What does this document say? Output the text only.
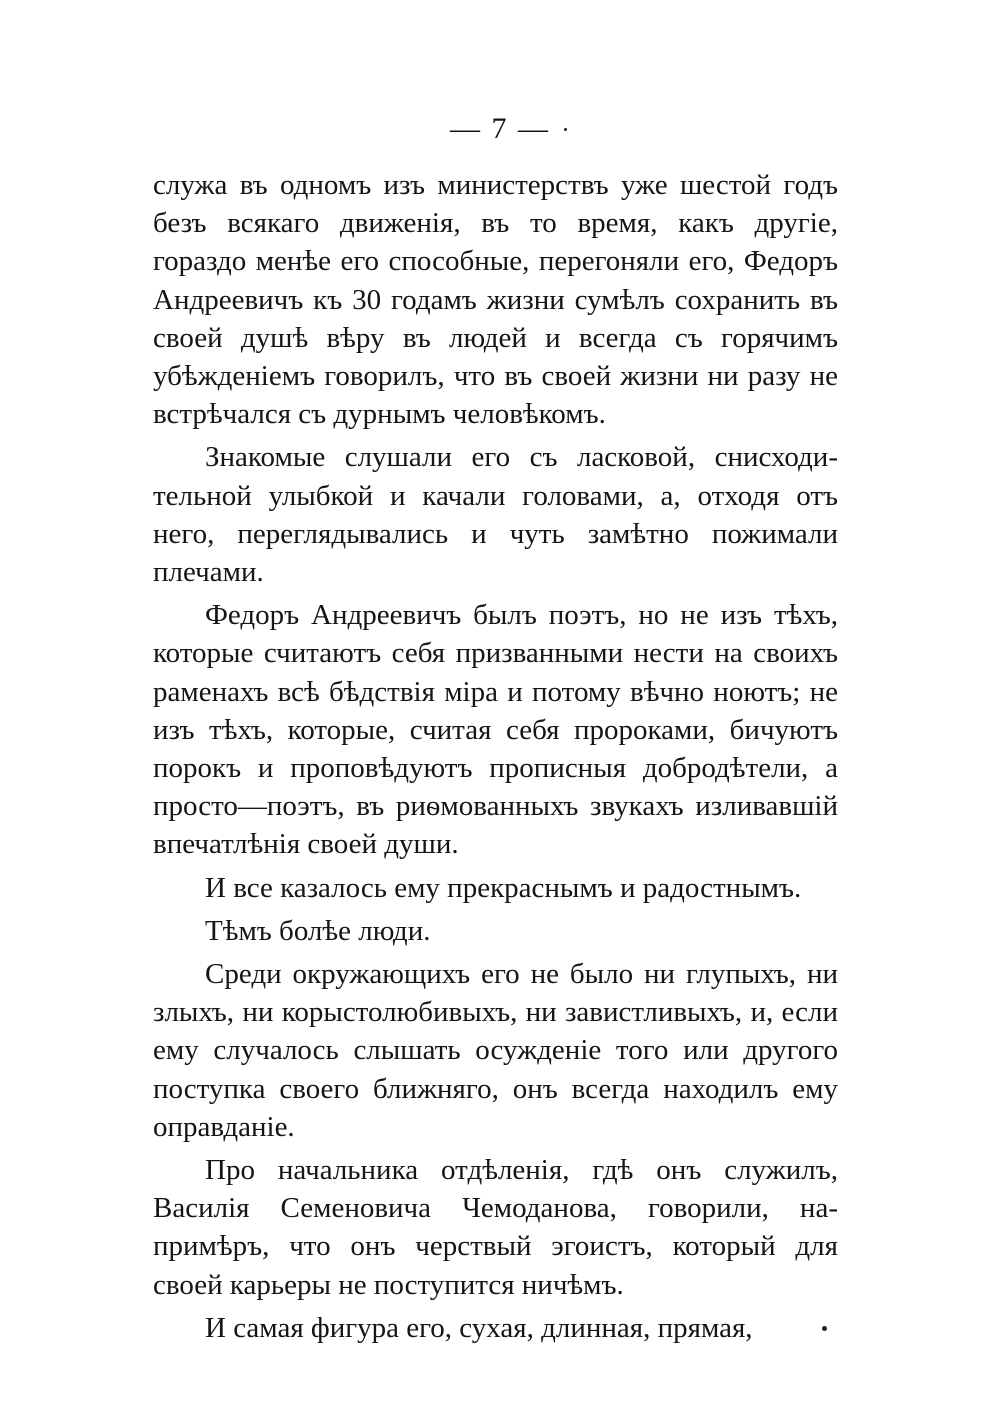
— 7 —

служа въ одномъ изъ министерствъ уже шестой годъ безъ всякаго движенія, въ то время, какъ другіе, гораздо менѣе его способные, перегоняли его, Федоръ Андреевичъ къ 30 годамъ жизни сумѣлъ сохранить въ своей душѣ вѣру въ людей и всегда съ горячимъ убѣжденіемъ говорилъ, что въ своей жизни ни разу не встрѣчался съ дурнымъ человѣкомъ.

Знакомые слушали его съ ласковой, снисходительной улыбкой и качали головами, а, отходя отъ него, переглядывались и чуть замѣтно пожимали плечами.

Федоръ Андреевичъ былъ поэтъ, но не изъ тѣхъ, которые считаютъ себя призванными нести на своихъ раменахъ всѣ бѣдствія міра и потому вѣчно ноютъ; не изъ тѣхъ, которые, считая себя пророками, бичуютъ порокъ и проповѣдуютъ прописныя добродѣтели, а просто—поэтъ, въ риѳмованныхъ звукахъ изливавшій впечатлѣнія своей души.

И все казалось ему прекраснымъ и радостнымъ.

Тѣмъ болѣе люди.

Среди окружающихъ его не было ни глупыхъ, ни злыхъ, ни корыстолюбивыхъ, ни завистливыхъ, и, если ему случалось слышать осужденіе того или другого поступка своего ближняго, онъ всегда находилъ ему оправданіе.

Про начальника отдѣленія, гдѣ онъ служилъ, Василія Семеновича Чемоданова, говорили, напримѣръ, что онъ черствый эгоистъ, который для своей карьеры не поступится ничѣмъ.

И самая фигура его, сухая, длинная, прямая,
